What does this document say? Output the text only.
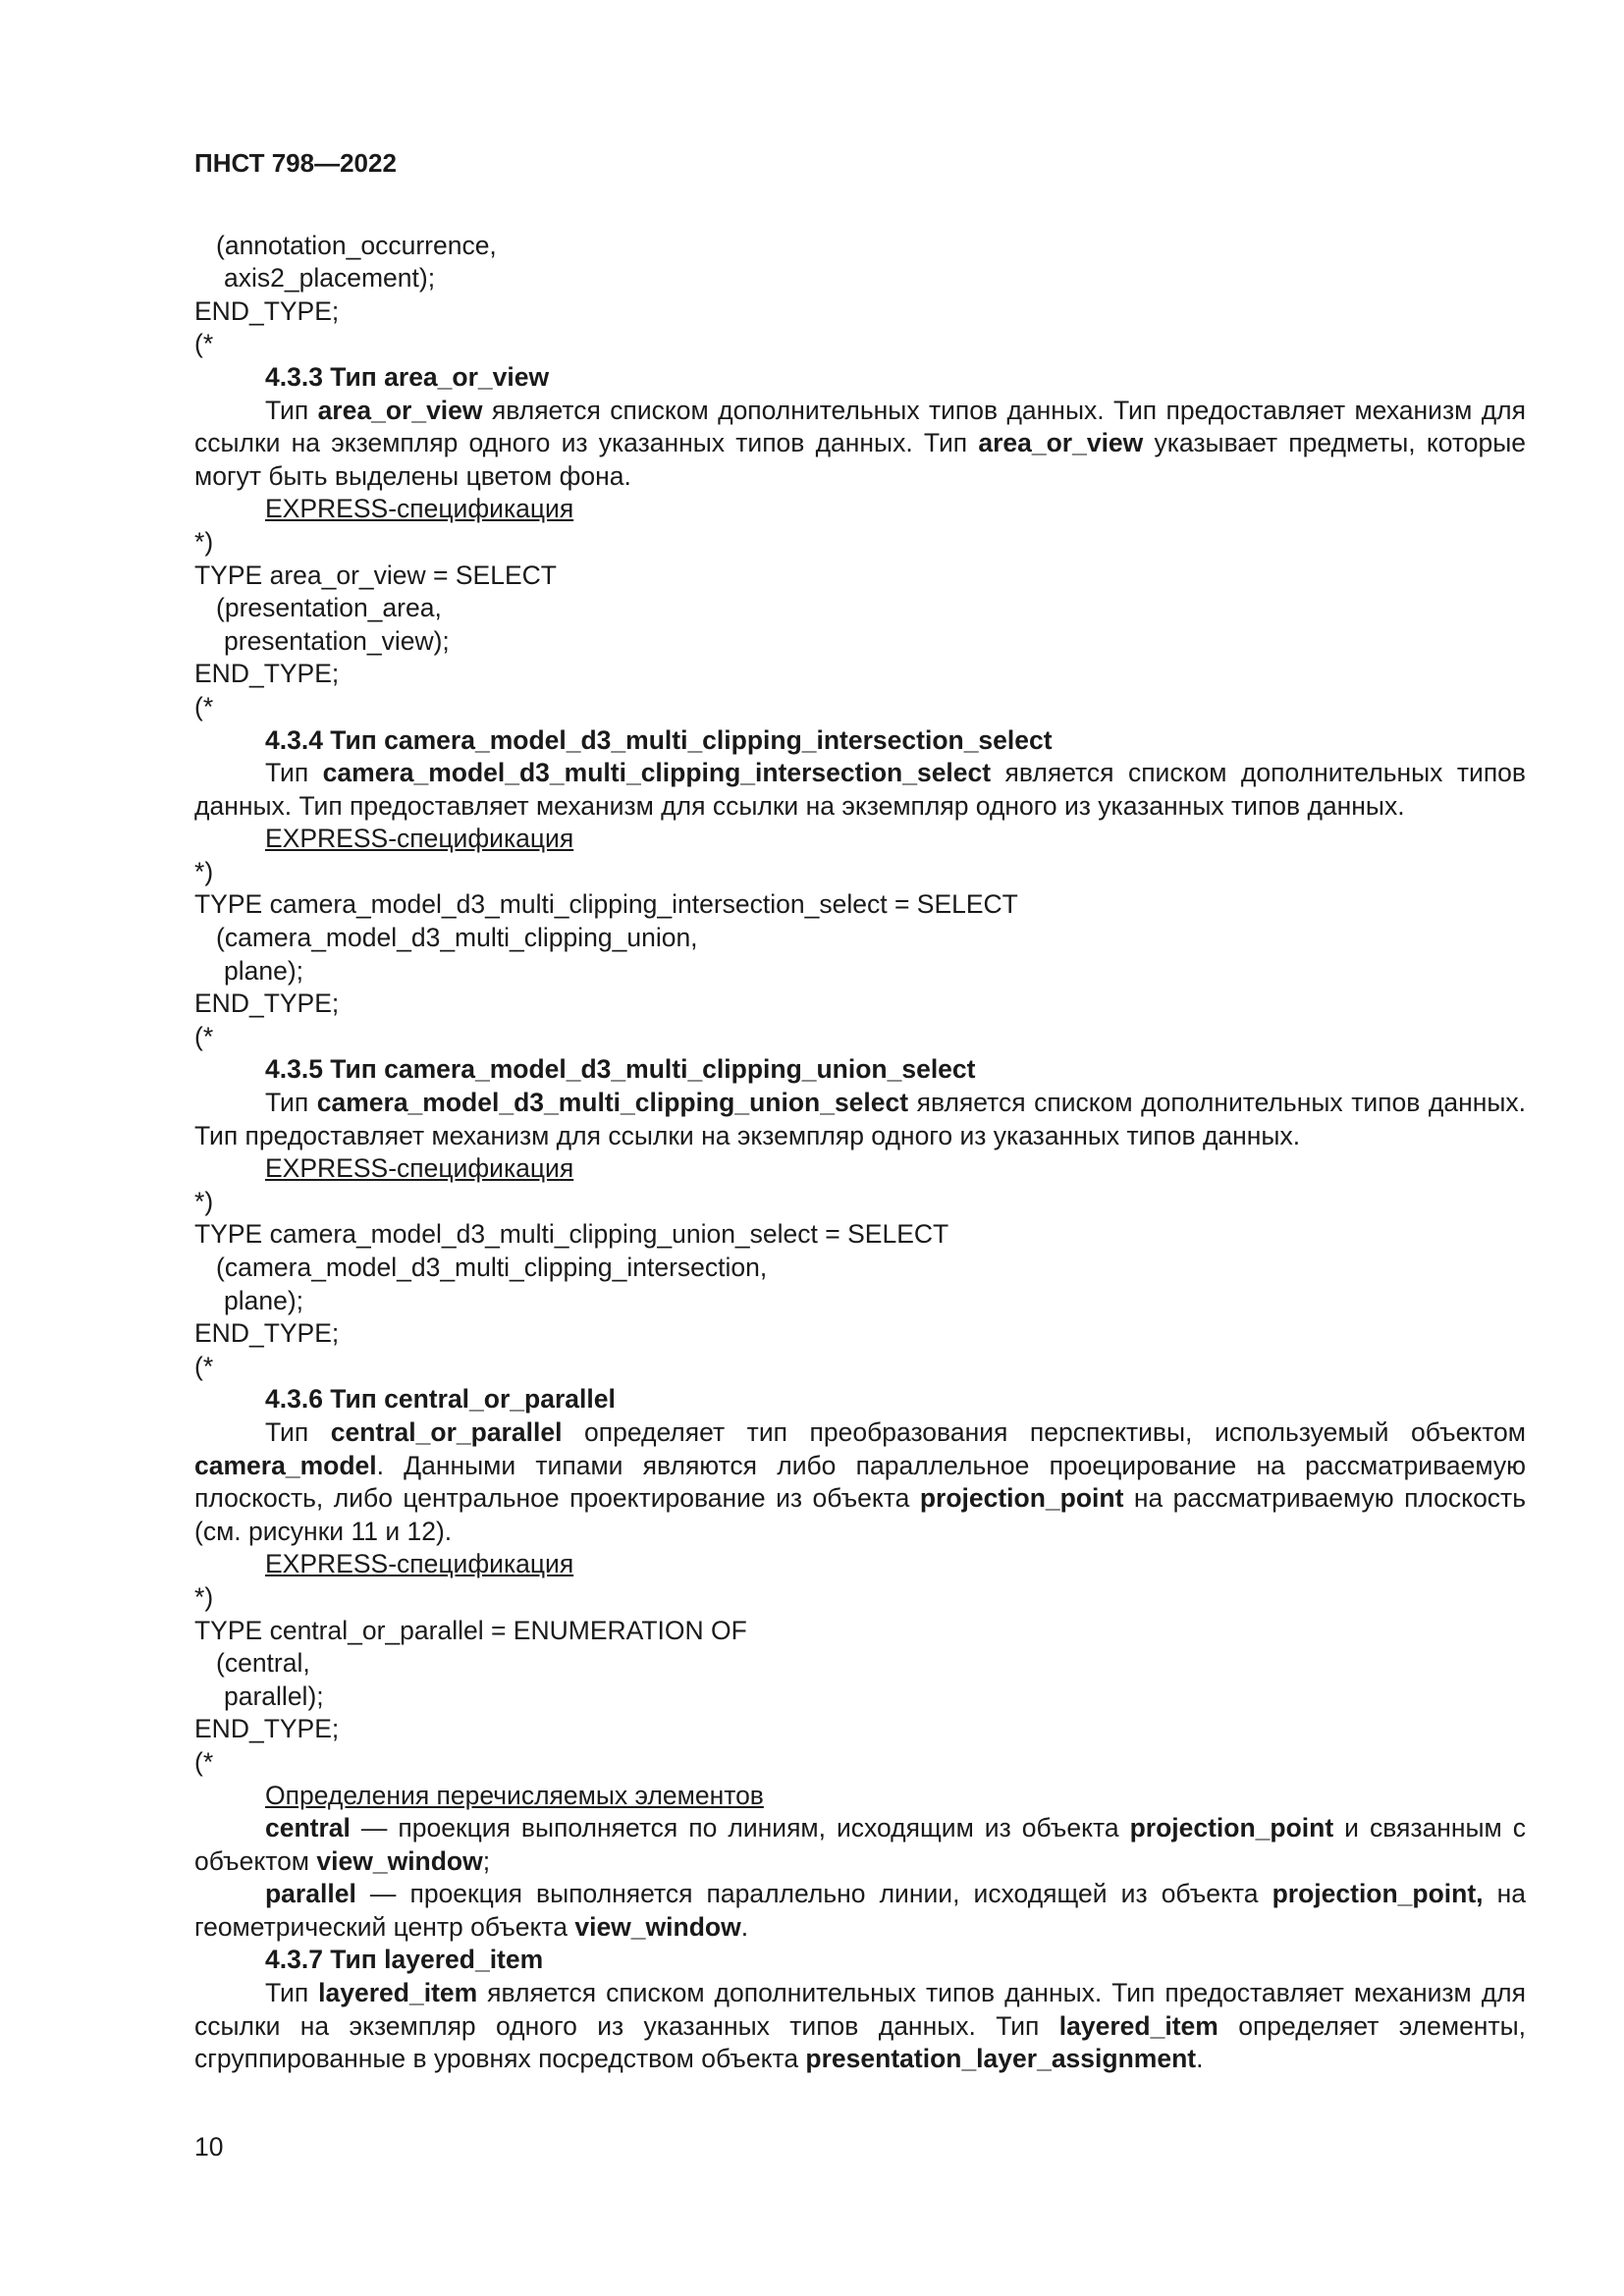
ПНСТ 798—2022
(annotation_occurrence,
axis2_placement);
END_TYPE;
(*
4.3.3 Тип area_or_view
Тип area_or_view является списком дополнительных типов данных. Тип предоставляет механизм для ссылки на экземпляр одного из указанных типов данных. Тип area_or_view указывает предметы, которые могут быть выделены цветом фона.
EXPRESS-спецификация
*)
TYPE area_or_view = SELECT
(presentation_area,
presentation_view);
END_TYPE;
(*
4.3.4 Тип camera_model_d3_multi_clipping_intersection_select
Тип camera_model_d3_multi_clipping_intersection_select является списком дополнительных типов данных. Тип предоставляет механизм для ссылки на экземпляр одного из указанных типов данных.
EXPRESS-спецификация
*)
TYPE camera_model_d3_multi_clipping_intersection_select = SELECT
(camera_model_d3_multi_clipping_union,
plane);
END_TYPE;
(*
4.3.5 Тип camera_model_d3_multi_clipping_union_select
Тип camera_model_d3_multi_clipping_union_select является списком дополнительных типов данных. Тип предоставляет механизм для ссылки на экземпляр одного из указанных типов данных.
EXPRESS-спецификация
*)
TYPE camera_model_d3_multi_clipping_union_select = SELECT
(camera_model_d3_multi_clipping_intersection,
plane);
END_TYPE;
(*
4.3.6 Тип central_or_parallel
Тип central_or_parallel определяет тип преобразования перспективы, используемый объектом camera_model. Данными типами являются либо параллельное проецирование на рассматриваемую плоскость, либо центральное проектирование из объекта projection_point на рассматриваемую плоскость (см. рисунки 11 и 12).
EXPRESS-спецификация
*)
TYPE central_or_parallel = ENUMERATION OF
(central,
parallel);
END_TYPE;
(*
Определения перечисляемых элементов
central — проекция выполняется по линиям, исходящим из объекта projection_point и связанным с объектом view_window;
parallel — проекция выполняется параллельно линии, исходящей из объекта projection_point, на геометрический центр объекта view_window.
4.3.7 Тип layered_item
Тип layered_item является списком дополнительных типов данных. Тип предоставляет механизм для ссылки на экземпляр одного из указанных типов данных. Тип layered_item определяет элементы, сгруппированные в уровнях посредством объекта presentation_layer_assignment.
10
